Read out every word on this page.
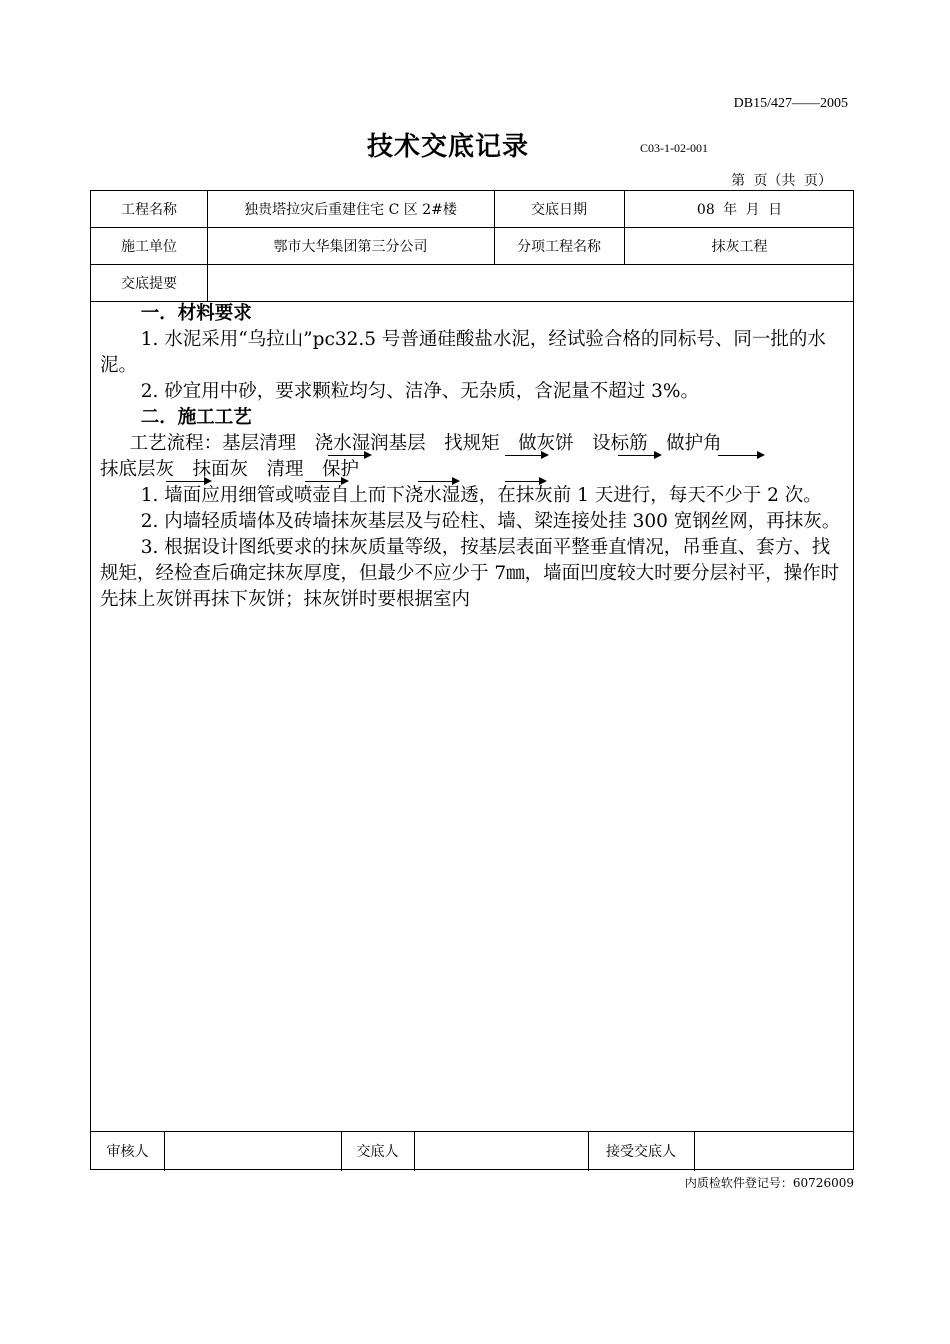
DB15/427——2005
技术交底记录	C03-1-02-001
第 页（共 页）
工程名称	独贵塔拉灾后重建住宅 C 区 2#楼	交底日期	08 年 月 日
施工单位	鄂市大华集团第三分公司	分项工程名称	抹灰工程
交底提要

一．材料要求

1. 水泥采用“乌拉山”pc32.5 号普通硅酸盐水泥，经试验合格的同标号、同一批的水泥。

2. 砂宜用中砂，要求颗粒均匀、洁净、无杂质，含泥量不超过 3%。

二．施工工艺

工艺流程：基层清理　浇水湿润基层　找规矩　做灰饼　设标筋　做护角

抹底层灰　抹面灰　清理　保护

1. 墙面应用细管或喷壶自上而下浇水湿透，在抹灰前 1 天进行，每天不少于 2 次。

2. 内墙轻质墙体及砖墙抹灰基层及与砼柱、墙、梁连接处挂 300 宽钢丝网，再抹灰。

3. 根据设计图纸要求的抹灰质量等级，按基层表面平整垂直情况，吊垂直、套方、找规矩，经检查后确定抹灰厚度，但最少不应少于 7㎜，墙面凹度较大时要分层衬平，操作时先抹上灰饼再抹下灰饼；抹灰饼时要根据室内

审核人	交底人	接受交底人
内质检软件登记号：60726009
